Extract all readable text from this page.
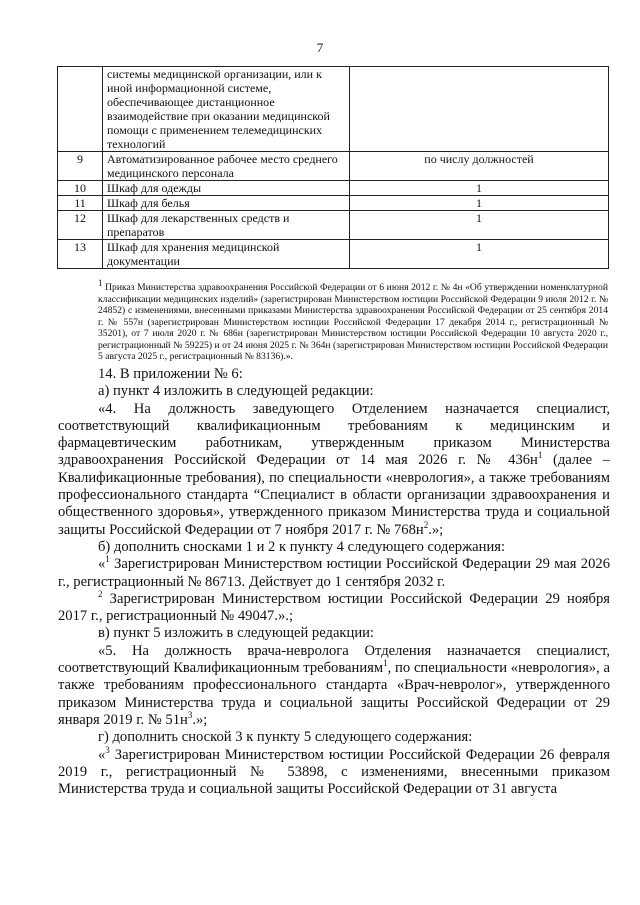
7
	системы медицинской организации, или к иной информационной системе, обеспечивающее дистанционное взаимодействие при оказании медицинской помощи с применением телемедицинских технологий	
9	Автоматизированное рабочее место среднего медицинского персонала	по числу должностей
10	Шкаф для одежды	1
11	Шкаф для белья	1
12	Шкаф для лекарственных средств и препаратов	1
13	Шкаф для хранения медицинской документации	1
$^1$ Приказ Министерства здравоохранения Российской Федерации от 6 июня 2012 г. № 4н «Об утверждении номенклатурной классификации медицинских изделий» (зарегистрирован Министерством юстиции Российской Федерации 9 июля 2012 г. № 24852) с изменениями, внесенными приказами Министерства здравоохранения Российской Федерации от 25 сентября 2014 г. № 557н (зарегистрирован Министерством юстиции Российской Федерации 17 декабря 2014 г., регистрационный № 35201), от 7 июля 2020 г. № 686н (зарегистрирован Министерством юстиции Российской Федерации 10 августа 2020 г., регистрационный № 59225) и от 24 июня 2025 г. № 364н (зарегистрирован Министерством юстиции Российской Федерации 5 августа 2025 г., регистрационный № 83136).».

14. В приложении № 6:

а) пункт 4 изложить в следующей редакции:

«4. На должность заведующего Отделением назначается специалист, соответствующий квалификационным требованиям к медицинским и фармацевтическим работникам, утвержденным приказом Министерства здравоохранения Российской Федерации от 14 мая 2026 г. № $436н^1$ (далее – Квалификационные требования), по специальности «неврология», а также требованиям профессионального стандарта “Специалист в области организации здравоохранения и общественного здоровья», утвержденного приказом Министерства труда и социальной защиты Российской Федерации от 7 ноября 2017 г. № $768н^2$.»;

б) дополнить сносками 1 и 2 к пункту 4 следующего содержания:

«$^1$ Зарегистрирован Министерством юстиции Российской Федерации 29 мая 2026 г., регистрационный № 86713. Действует до 1 сентября 2032 г.

$^2$ Зарегистрирован Министерством юстиции Российской Федерации 29 ноября 2017 г., регистрационный № 49047.».;

в) пункт 5 изложить в следующей редакции:

«5. На должность врача-невролога Отделения назначается специалист, соответствующий Квалификационным требованиям$^1$, по специальности «неврология», а также требованиям профессионального стандарта «Врач-невролог», утвержденного приказом Министерства труда и социальной защиты Российской Федерации от 29 января 2019 г. № $51н^3$.»;

г) дополнить сноской 3 к пункту 5 следующего содержания:

«$^3$ Зарегистрирован Министерством юстиции Российской Федерации 26 февраля 2019 г., регистрационный № 53898, с изменениями, внесенными приказом Министерства труда и социальной защиты Российской Федерации от 31 августа
